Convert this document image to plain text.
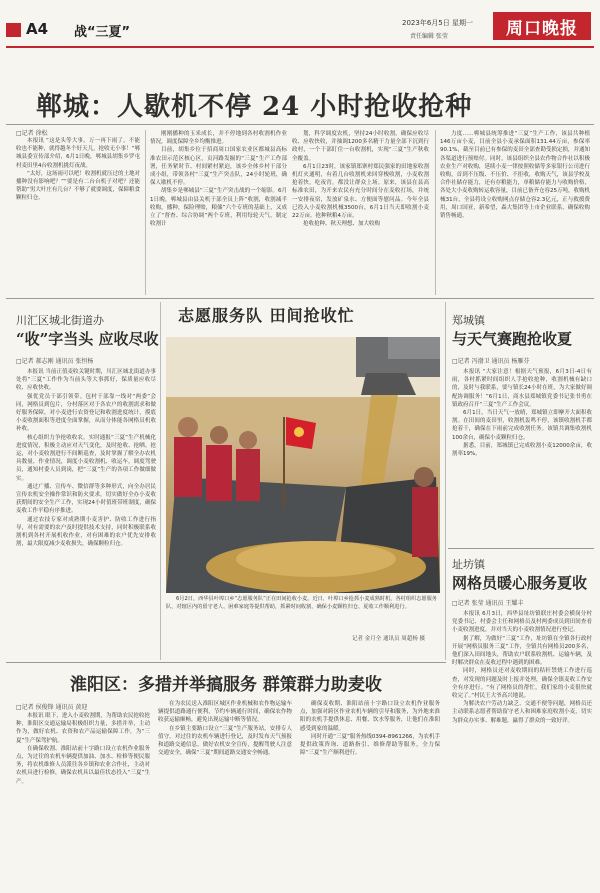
A4 战“三夏”
2023年6月5日 星期一
责任编辑 张莹	周口晚报
郸城：人歇机不停 24 小时抢收抢种
□记者 徐松

本报讯 “这是头等大事，万一再下雨了，不能收也不能种，就得越冬个好天儿，抢收无小事！”郸城县委宣传部介绍，6月1日晚，郸城县胡集乡罗屯村麦田里4台收割机挑灯夜战。

“太好，这场雨可以吧！收割机就压过的土地对播种没有影响吧？”“要是有二台台机子对吧？还能帮助”男大叶庄有几台？不够了就要调度，保障粮食颗粒归仓。

刚刚播种的玉米成长，并不停地到各村收割机作业情况，调度保障全乡均衡推进。

目前，胡集乡位于招商周口国家农业区都城县高标准农田示范区核心区，贡河路发掘的“三夏”生产工作部署，任务紧时节、村间紧村紧迫，该乡全体乡村干部分成小组，带领各村“三夏”生产突击队，24小时轮班，确保人歇机不停。

胡集乡是郸城县“三夏”生产突击战的一个缩影。6月1日晚，郸城县由县关机于部全员上阵“收割，收割减半收购，播种，保险理赔，粮储”六个专班的基础上，又成立了“督查、综合协调”两个专班，利用每轮天气，制定收割计

划，科学调度农机，坚持24小时收割，确保应收尽收、应收快收，并抽调1200多名精干力量全部下沉到行政村，一个干部盯住一台收割机，实现“三夏”生产秋收全覆盖。

6月1日23时，该家镇郑寨村郑民强家的田地家收割机灯火通明，有着几台收割机来回穿梭收割，小麦收割抢着快，吃夜宵，都没让群众上场。原来，该县在县高标准农田，为开来农民有充分时间分在麦收打场，并统一安排夜宿，发放矿泉水、方便面等慰问品。今年全县已投入小麦收割机械3500台，6月1日当天即收割小麦22万亩。抢种秋粮4万亩。

抢收抢种、秋天理想、加大收购

力度……郸城县统筹推进“三夏”生产工作，该县共种植146万亩小麦，目前全县小麦承保面积131.44万亩，参保率90.1%，截至目前已有参保的麦田全部查勘受损定损，并通知各渠道进行预赔付。同时，该县组织全县农作物合作社以积极农业生产对收购，延续小麦一律按照收储等多家银行公司进行收购，首到不压级、不压价、不拒收，收购天气，该县学校及合作社储存能力，还有存粮能力，单粮储存能力与收购价格，各处大小麦收购转运收容量，目前已备齐仓容25万吨，收购机械31台，全县将设立收购网点存储仓容2.3亿元，正与救援费用，周口国亚，新希望，森大集团等上市企业联系，确保收购销售畅通。

川汇区城北街道办
“收”字当头 应收尽收
□记者 郝志刚 通讯员 张恒杨

本报讯 当前正值麦收关键时期，川汇区城北街道办事处将“三夏”工作作为当前头等大事抓好，保质量应收尽收、应收快收。

强优党员干部引领带。包村干部靠一线对“两委”会同，网格员到包片，分村落区对于各农户的收割需求和做好服务保障，对小麦进行农资登记和收割进度统计，摸底小麦收割面积等进度全面掌握，从而分体能各网格员机收补收。

核心组织力争抢收收农。实时通报“三夏”生产机械化进度情况，积极主动应对天气变化，及时抢收、抢晒、抢运，对小麦收割进行不间断巡查，及时掌握了解全办农机具数量、作业情况，调度小麦收割机、收运车，调度驾驶员，通知村委人员到岗，把“三夏”生产的各项工作做细做实。

通过广播、宣传车、微信群等多种形式，向全办居民宣传农机安全操作常识和防火要求，切实做好全办小麦收获期间的安全生产工作，实现24小时值班带班制度，确保麦收工作平稳有序推进。

通过农技专家对成熟期小麦害护、防收工作进行指导，对有需要的农户及时提供技术支持，同时积极联系收割机到各村开展机收作业，对有困难的农户优先安排收割，最大限度减少麦收损失，确保颗粒归仓。

志愿服务队 田间抢收忙
6月2日，西华县叶埠口乡“志愿服务队”正在田间抢收小麦。近日，叶埠口乡抢抓小麦成熟时机，各村组织志愿服务队，对辖区内的留守老人、困难家庭等提供帮助，抓紧时间收割，确保小麦颗粒归仓、夏收工作顺利进行。
记者 金月全 通讯员 周超杨 摄
郑城镇
与天气赛跑抢收夏
□记者 冯渤卫 通讯员 杨雁芬

本报讯 “大家注意！根据天气预报，6月3日-4日有雨，各村抓紧时间组织人手抢收抢种，收割机械有缺口的，及时与我联系，要与镇长24小时在班，为大家做好调配协调服务！”6月1日，商水县郑城镇党委书记张书勇在镇政府召开“三夏”生产工作会议。

6月1日，当日天气一放晴，郑城镇立即摩开大面积收割。在田间的麦田里，收割机轰鸣不停，该镇收割机手都抢着干，确保在下雨前完成收割任务。该镇共调集收割机100余台，确保小麦颗粒归仓。

据悉，目前，郑城镇已完成收割小麦12000余亩，收割率19%。

址坊镇
网格员暖心服务夏收
□记者 张莹 通讯员 王耀丰

本报讯 6月3日，西华县址坊镇联庄村委会横岗分村党委书记、村委会主任和网格员及村两委成员到田间查看小麦收割进度，并对当天的小麦收割情况进行登记。

据了解，为做好“三夏”工作，址坊镇在全镇各行政村开展“网格员服务三夏”工作，全镇共有网格员200多名，他们深入田间地头，帮助农户联系收割机、运输车辆，及时解决群众在麦收过程中遇到的困难。

同时，网格员还对麦收期间的秸秆禁烧工作进行巡查，对发现的问题及时上报并处理，确保全镇麦收工作安全有序进行。“有了网格员的帮忙，我们家的小麦很快就收完了。”村民王大爷高兴地说。

为解决农户劳动力缺乏、交通不便等问题，网格员还主动联系志愿者帮助留守老人和困难家庭收割小麦，切实为群众办实事、解难题，赢得了群众的一致好评。

淮阳区：多措并举搞服务 群策群力助麦收
□记者 侯俊锋 通讯员 黄迎

本报讯 眼下，进入小麦收割期，为帮助农民抢收抢种，淮阳区交通运输局积极组织力量，多措并举，主动作为，做好农机、农资和农产品运输保障工作，为“三夏”生产保驾护航。

在确保收割、淮阳站前十字路口设立农机作业服务点，为过往的农机车辆提供加油、加水、检修等便民服务，将农机维修人员派往各乡镇和农业合作社，主动对农机具进行检修，确保农机具以最佳状态投入“三夏”生产。

在为农民送入淮阳区城区作业机械和农作物运输车辆提供道路通行便利，节约车辆通行时间，确保农作物收获运输顺畅，避免出现运输中断等情况。

在乡镇主要路口设立“三夏”生产服务站，安排专人值守，对过往的农机车辆进行登记，及时发布天气预报和道路交通信息，做好农机安全宣传，提醒驾驶人注意交通安全，确保“三夏”期间道路交通安全畅通。

确保麦收期、淮阳站前十字路口设立农机作业服务点，加强对跨区作业农机车辆的引导和服务，为外地来淮阳的农机手提供休息、用餐、饮水等服务，让他们在淮阳感受到家的温暖。

同时开通“三夏”服务热线0394-8961266，为农机手提供政策咨询、道路指引、维修帮助等服务，全力保障“三夏”生产顺利进行。
